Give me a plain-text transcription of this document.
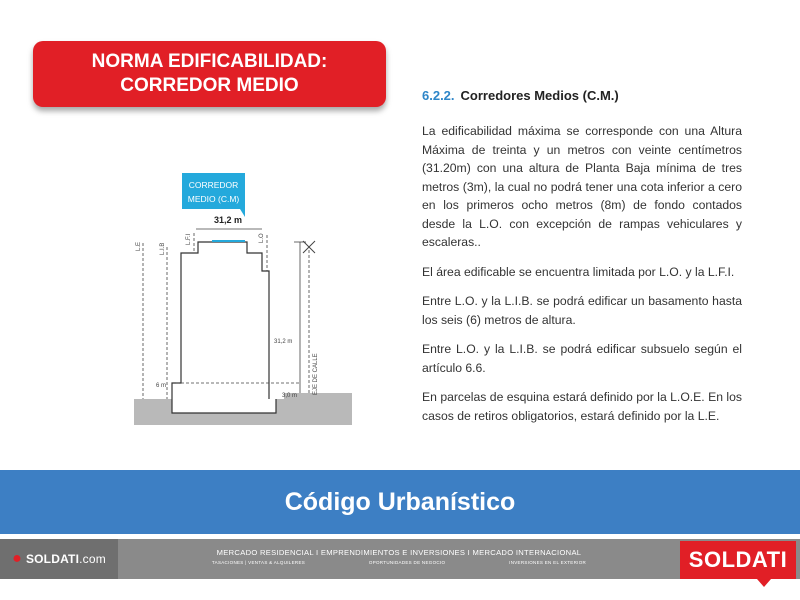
NORMA EDIFICABILIDAD:
CORREDOR MEDIO
L.E	L.I.B
L.F.I	L.O
EJE DE CALLE
31,2 m
6 m
3,0 m
CORREDOR
MEDIO (C.M)
31,2 m
6.2.2. Corredores Medios (C.M.)

La edificabilidad máxima se corresponde con una Altura Máxima de treinta y un metros con veinte centímetros (31.20m) con una altura de Planta Baja mínima de tres metros (3m), la cual no podrá tener una cota inferior a cero en los primeros ocho metros (8m) de fondo contados desde la L.O. con excepción de rampas vehiculares y escaleras..

El área edificable se encuentra limitada por L.O. y la L.F.I.

Entre L.O. y la L.I.B. se podrá edificar un basamento hasta los seis (6) metros de altura.

Entre L.O. y la L.I.B. se podrá edificar subsuelo según el artículo 6.6.

En parcelas de esquina estará definido por la L.O.E. En los casos de retiros obligatorios, estará definido por la L.E.

Código Urbanístico
● SOLDATI .com	MERCADO RESIDENCIAL I EMPRENDIMIENTOS E INVERSIONES I MERCADO INTERNACIONAL
TASACIONES | VENTAS & ALQUILERES	OPORTUNIDADES DE NEGOCIO	INVERSIONES EN EL EXTERIOR	SOLDATI
